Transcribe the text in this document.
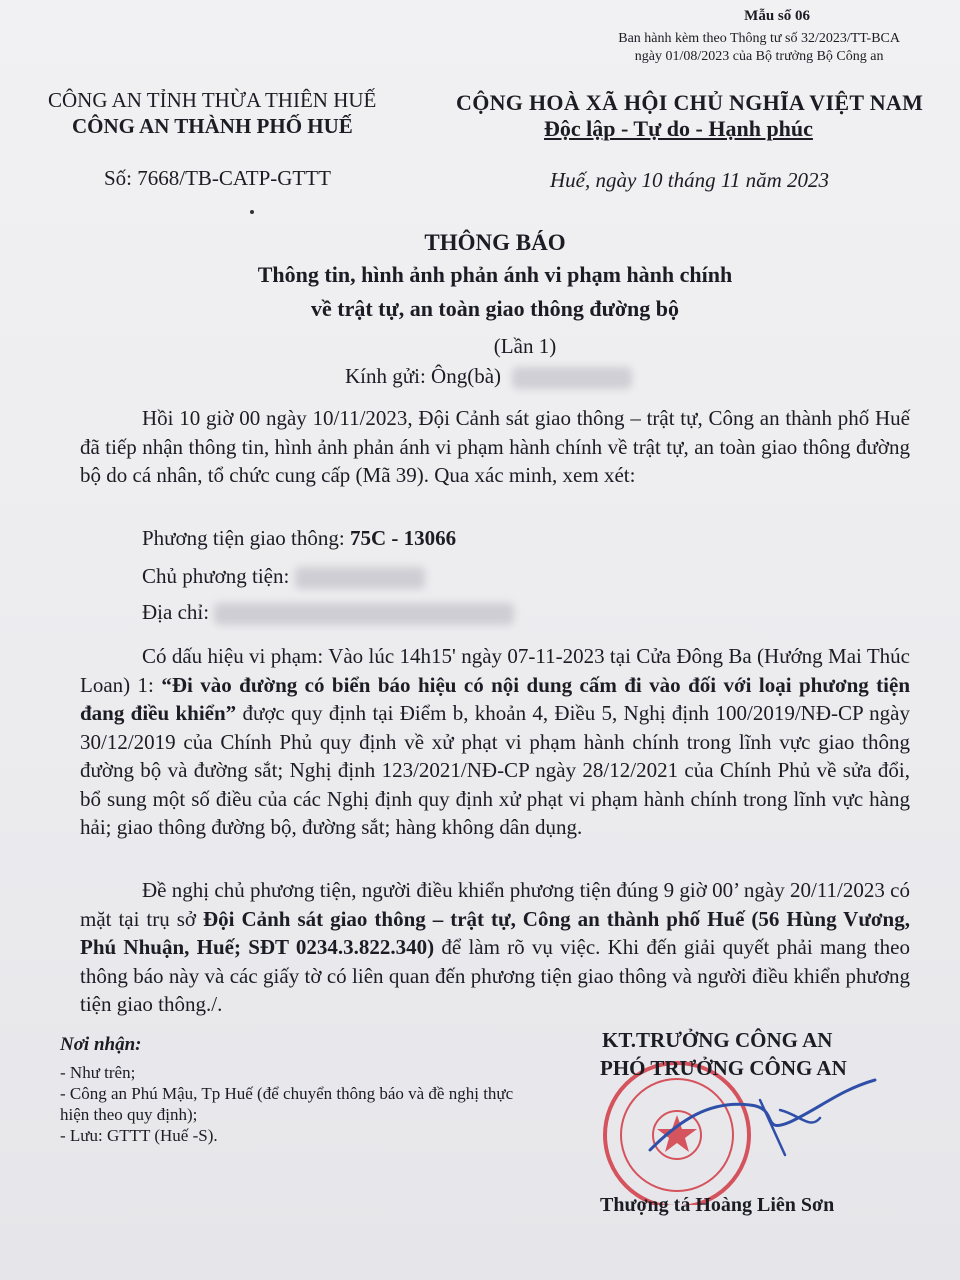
Mẫu số 06
Ban hành kèm theo Thông tư số 32/2023/TT-BCA
ngày 01/08/2023 của Bộ trưởng Bộ Công an
CÔNG AN TỈNH THỪA THIÊN HUẾ
CÔNG AN THÀNH PHỐ HUẾ
CỘNG HOÀ XÃ HỘI CHỦ NGHĨA VIỆT NAM
Độc lập - Tự do - Hạnh phúc
Số: 7668/TB-CATP-GTTT	Huế, ngày 10 tháng 11 năm 2023
THÔNG BÁO
Thông tin, hình ảnh phản ánh vi phạm hành chính
về trật tự, an toàn giao thông đường bộ
(Lần 1)
Kính gửi: Ông(bà)

Hồi 10 giờ 00 ngày 10/11/2023, Đội Cảnh sát giao thông – trật tự, Công an thành phố Huế đã tiếp nhận thông tin, hình ảnh phản ánh vi phạm hành chính về trật tự, an toàn giao thông đường bộ do cá nhân, tổ chức cung cấp (Mã 39). Qua xác minh, xem xét:

Phương tiện giao thông: 75C - 13066
Chủ phương tiện:
Địa chỉ:

Có dấu hiệu vi phạm: Vào lúc 14h15' ngày 07-11-2023 tại Cửa Đông Ba (Hướng Mai Thúc Loan) 1: “Đi vào đường có biển báo hiệu có nội dung cấm đi vào đối với loại phương tiện đang điều khiển” được quy định tại Điểm b, khoản 4, Điều 5, Nghị định 100/2019/NĐ-CP ngày 30/12/2019 của Chính Phủ quy định về xử phạt vi phạm hành chính trong lĩnh vực giao thông đường bộ và đường sắt; Nghị định 123/2021/NĐ-CP ngày 28/12/2021 của Chính Phủ về sửa đổi, bổ sung một số điều của các Nghị định quy định xử phạt vi phạm hành chính trong lĩnh vực hàng hải; giao thông đường bộ, đường sắt; hàng không dân dụng.

Đề nghị chủ phương tiện, người điều khiển phương tiện đúng 9 giờ 00’ ngày 20/11/2023 có mặt tại trụ sở Đội Cảnh sát giao thông – trật tự, Công an thành phố Huế (56 Hùng Vương, Phú Nhuận, Huế; SĐT 0234.3.822.340) để làm rõ vụ việc. Khi đến giải quyết phải mang theo thông báo này và các giấy tờ có liên quan đến phương tiện giao thông và người điều khiển phương tiện giao thông./.

Nơi nhận:
- Như trên;
- Công an Phú Mậu, Tp Huế (để chuyển thông báo và đề nghị thực hiện theo quy định);
- Lưu: GTTT (Huế -S).
KT.TRƯỞNG CÔNG AN
PHÓ TRƯỞNG CÔNG AN
Thượng tá Hoàng Liên Sơn
